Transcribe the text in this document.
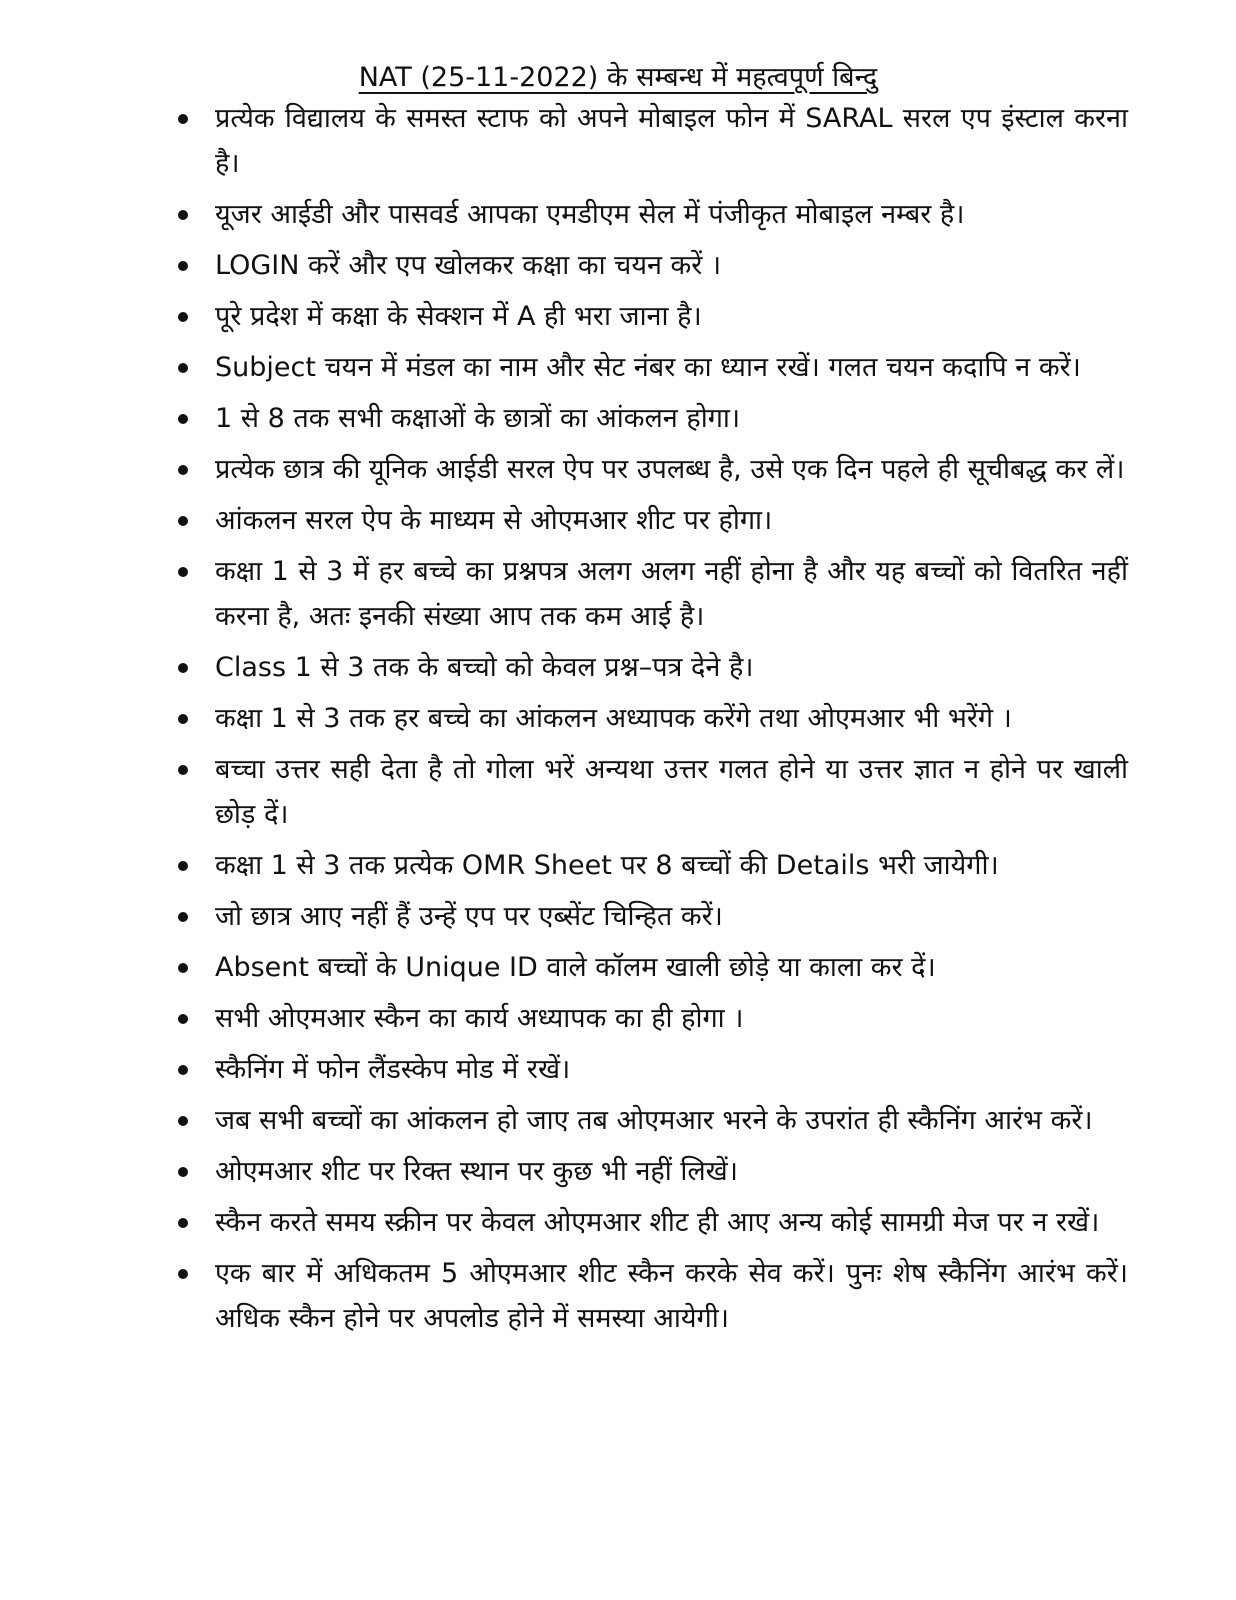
NAT (25-11-2022) के सम्बन्ध में महत्वपूर्ण बिन्दु
प्रत्येक विद्यालय के समस्त स्टाफ को अपने मोबाइल फोन में SARAL सरल एप इंस्टाल करना है।
यूजर आईडी और पासवर्ड आपका एमडीएम सेल में पंजीकृत मोबाइल नम्बर है।
LOGIN करें और एप खोलकर कक्षा का चयन करें ।
पूरे प्रदेश में कक्षा के सेक्शन में A ही भरा जाना है।
Subject चयन में मंडल का नाम और सेट नंबर का ध्यान रखें। गलत चयन कदापि न करें।
1 से 8 तक सभी कक्षाओं के छात्रों का आंकलन होगा।
प्रत्येक छात्र की यूनिक आईडी सरल ऐप पर उपलब्ध है, उसे एक दिन पहले ही सूचीबद्ध कर लें।
आंकलन सरल ऐप के माध्यम से ओएमआर शीट पर होगा।
कक्षा 1 से 3 में हर बच्चे का प्रश्नपत्र अलग अलग नहीं होना है और यह बच्चों को वितरित नहीं करना है, अतः इनकी संख्या आप तक कम आई है।
Class 1 से 3 तक के बच्चो को केवल प्रश्न–पत्र देने है।
कक्षा 1 से 3 तक हर बच्चे का आंकलन अध्यापक करेंगे तथा ओएमआर भी भरेंगे ।
बच्चा उत्तर सही देता है तो गोला भरें अन्यथा उत्तर गलत होने या उत्तर ज्ञात न होने पर खाली छोड़ दें।
कक्षा 1 से 3 तक प्रत्येक OMR Sheet पर 8 बच्चों की Details भरी जायेगी।
जो छात्र आए नहीं हैं उन्हें एप पर एब्सेंट चिन्हित करें।
Absent बच्चों के Unique ID वाले कॉलम खाली छोड़े या काला कर दें।
सभी ओएमआर स्कैन का कार्य अध्यापक का ही होगा ।
स्कैनिंग में फोन लैंडस्केप मोड में रखें।
जब सभी बच्चों का आंकलन हो जाए तब ओएमआर भरने के उपरांत ही स्कैनिंग आरंभ करें।
ओएमआर शीट पर रिक्त स्थान पर कुछ भी नहीं लिखें।
स्कैन करते समय स्क्रीन पर केवल ओएमआर शीट ही आए अन्य कोई सामग्री मेज पर न रखें।
एक बार में अधिकतम 5 ओएमआर शीट स्कैन करके सेव करें। पुनः शेष स्कैनिंग आरंभ करें। अधिक स्कैन होने पर अपलोड होने में समस्या आयेगी।
